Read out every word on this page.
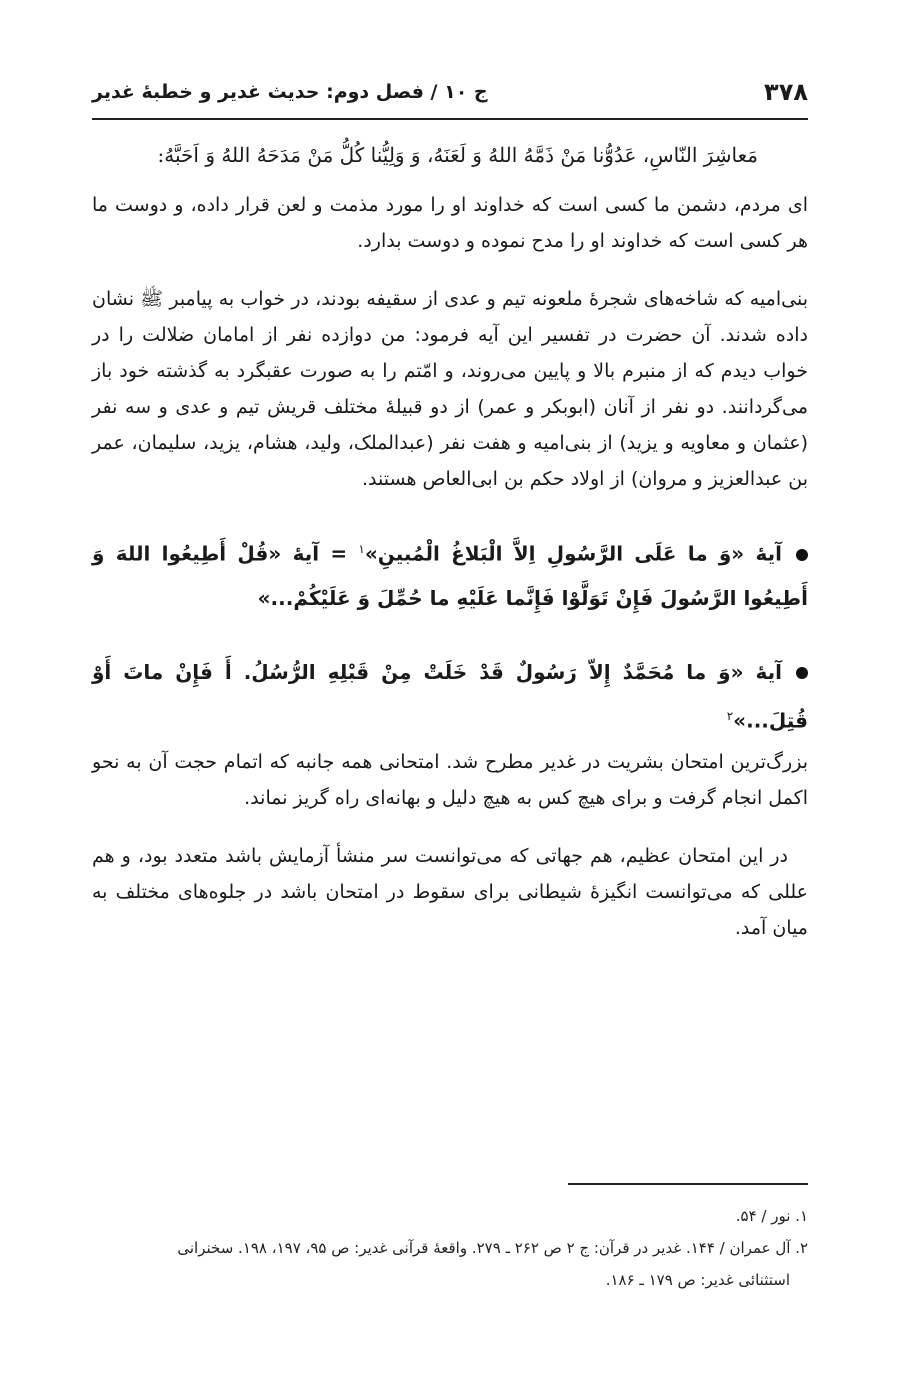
۳۷۸
ج ۱۰ / فصل دوم: حدیث غدیر و خطبهٔ غدیر

مَعاشِرَ النّاسِ، عَدُوُّنا مَنْ ذَمَّهُ اللهُ وَ لَعَنَهُ، وَ وَلِیُّنا کُلُّ مَنْ مَدَحَهُ اللهُ وَ اَحَبَّهُ:

ای مردم، دشمن ما کسی است که خداوند او را مورد مذمت و لعن قرار داده، و دوست ما هر کسی است که خداوند او را مدح نموده و دوست بدارد.

بنی‌امیه که شاخه‌های شجرهٔ ملعونه تیم و عدی از سقیفه بودند، در خواب به پیامبر ﷺ نشان داده شدند. آن حضرت در تفسیر این آیه فرمود: من دوازده نفر از امامان ضلالت را در خواب دیدم که از منبرم بالا و پایین می‌روند، و امّتم را به صورت عقبگرد به گذشته خود باز می‌گردانند. دو نفر از آنان (ابوبکر و عمر) از دو قبیلهٔ مختلف قریش تیم و عدی و سه نفر (عثمان و معاویه و یزید) از بنی‌امیه و هفت نفر (عبدالملک، ولید، هشام، یزید، سلیمان، عمر بن عبدالعزیز و مروان) از اولاد حکم بن ابی‌العاص هستند.

آیهٔ «وَ ما عَلَی الرَّسُولِ اِلاَّ الْبَلاغُ الْمُبینِ»$^۱$ = آیهٔ «قُلْ أَطِیعُوا اللهَ وَ أَطِیعُوا الرَّسُولَ فَإِنْ تَوَلَّوْا فَإِنَّما عَلَیْهِ ما حُمِّلَ وَ عَلَیْکُمْ...»

آیهٔ «وَ ما مُحَمَّدٌ إِلاّ رَسُولٌ قَدْ خَلَتْ مِنْ قَبْلِهِ الرُّسُلُ. أَ فَإِنْ ماتَ أَوْ قُتِلَ...»$^۲$

بزرگ‌ترین امتحان بشریت در غدیر مطرح شد. امتحانی همه جانبه که اتمام حجت آن به نحو اکمل انجام گرفت و برای هیچ کس به هیچ دلیل و بهانه‌ای راه گریز نماند.

در این امتحان عظیم، هم جهاتی که می‌توانست سر منشأ آزمایش باشد متعدد بود، و هم عللی که می‌توانست انگیزهٔ شیطانی برای سقوط در امتحان باشد در جلوه‌های مختلف به میان آمد.

۱. نور / ۵۴.

۲. آل عمران / ۱۴۴. غدیر در قرآن: ج ۲ ص ۲۶۲ ـ ۲۷۹. واقعهٔ قرآنی غدیر: ص ۹۵، ۱۹۷، ۱۹۸. سخنرانی
استثنائی غدیر: ص ۱۷۹ ـ ۱۸۶.
